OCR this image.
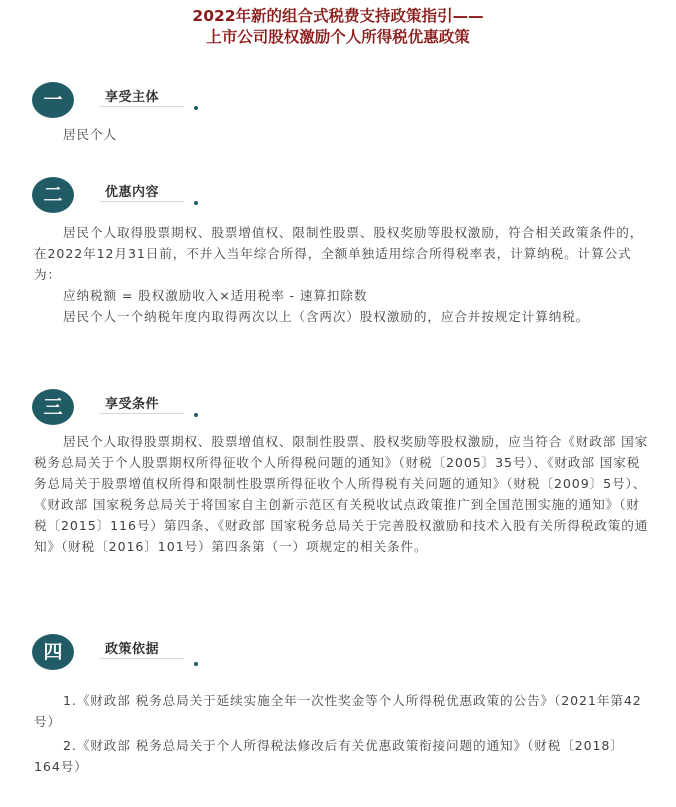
2022年新的组合式税费支持政策指引——
上市公司股权激励个人所得税优惠政策
一	享受主体
居民个人
二	优惠内容

居民个人取得股票期权、股票增值权、限制性股票、股权奖励等股权激励，符合相关政策条件的，在2022年12月31日前，不并入当年综合所得，全额单独适用综合所得税率表，计算纳税。计算公式为：

应纳税额 = 股权激励收入×适用税率 - 速算扣除数

居民个人一个纳税年度内取得两次以上（含两次）股权激励的，应合并按规定计算纳税。

三	享受条件

居民个人取得股票期权、股票增值权、限制性股票、股权奖励等股权激励，应当符合《财政部 国家税务总局关于个人股票期权所得征收个人所得税问题的通知》（财税〔2005〕35号）、《财政部 国家税务总局关于股票增值权所得和限制性股票所得征收个人所得税有关问题的通知》（财税〔2009〕5号）、《财政部 国家税务总局关于将国家自主创新示范区有关税收试点政策推广到全国范围实施的通知》（财税〔2015〕116号）第四条、《财政部 国家税务总局关于完善股权激励和技术入股有关所得税政策的通知》（财税〔2016〕101号）第四条第（一）项规定的相关条件。

四	政策依据

1.《财政部 税务总局关于延续实施全年一次性奖金等个人所得税优惠政策的公告》（2021年第42号）

2.《财政部 税务总局关于个人所得税法修改后有关优惠政策衔接问题的通知》（财税〔2018〕164号）
